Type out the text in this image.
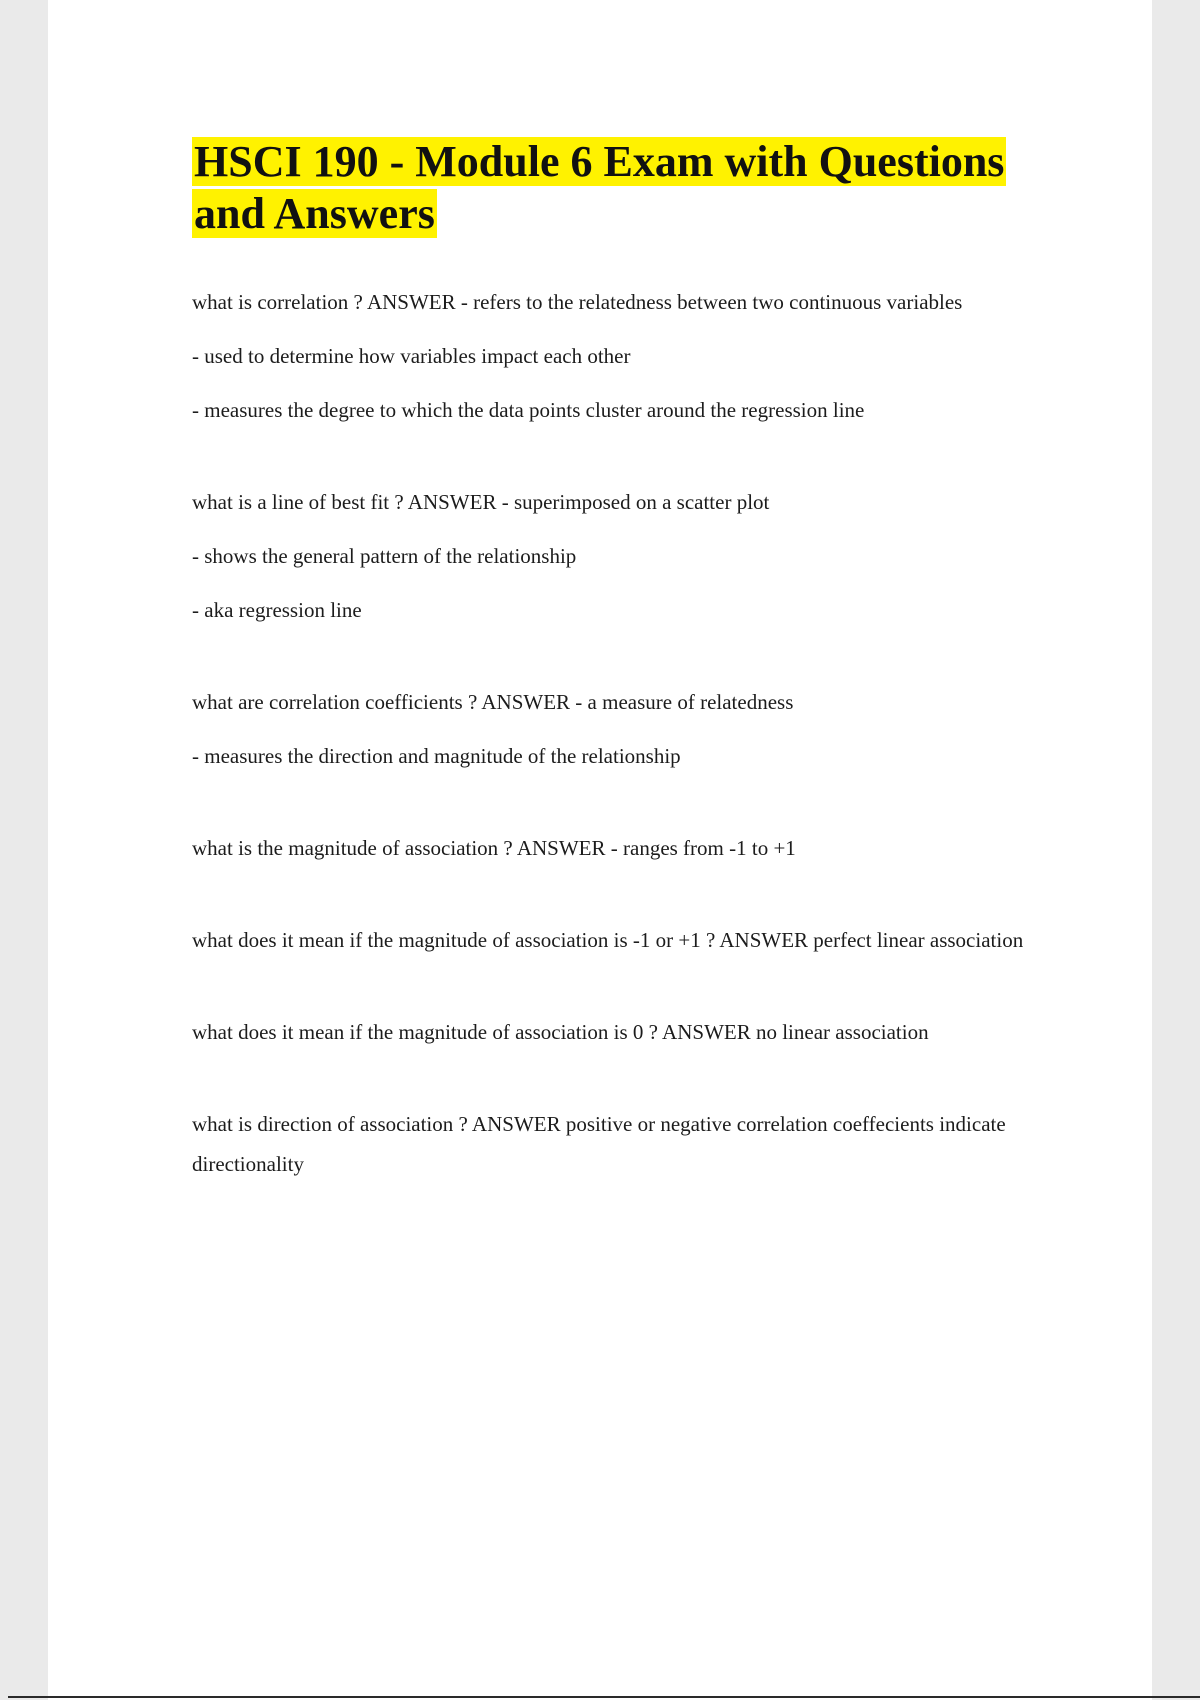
HSCI 190 - Module 6 Exam with Questions and Answers

what is correlation ? ANSWER - refers to the relatedness between two continuous variables

- used to determine how variables impact each other

- measures the degree to which the data points cluster around the regression line

what is a line of best fit ? ANSWER - superimposed on a scatter plot

- shows the general pattern of the relationship

- aka regression line

what are correlation coefficients ? ANSWER - a measure of relatedness

- measures the direction and magnitude of the relationship

what is the magnitude of association ? ANSWER - ranges from -1 to +1

what does it mean if the magnitude of association is -1 or +1 ? ANSWER perfect linear association

what does it mean if the magnitude of association is 0 ? ANSWER no linear association

what is direction of association ? ANSWER positive or negative correlation coeffecients indicate directionality
